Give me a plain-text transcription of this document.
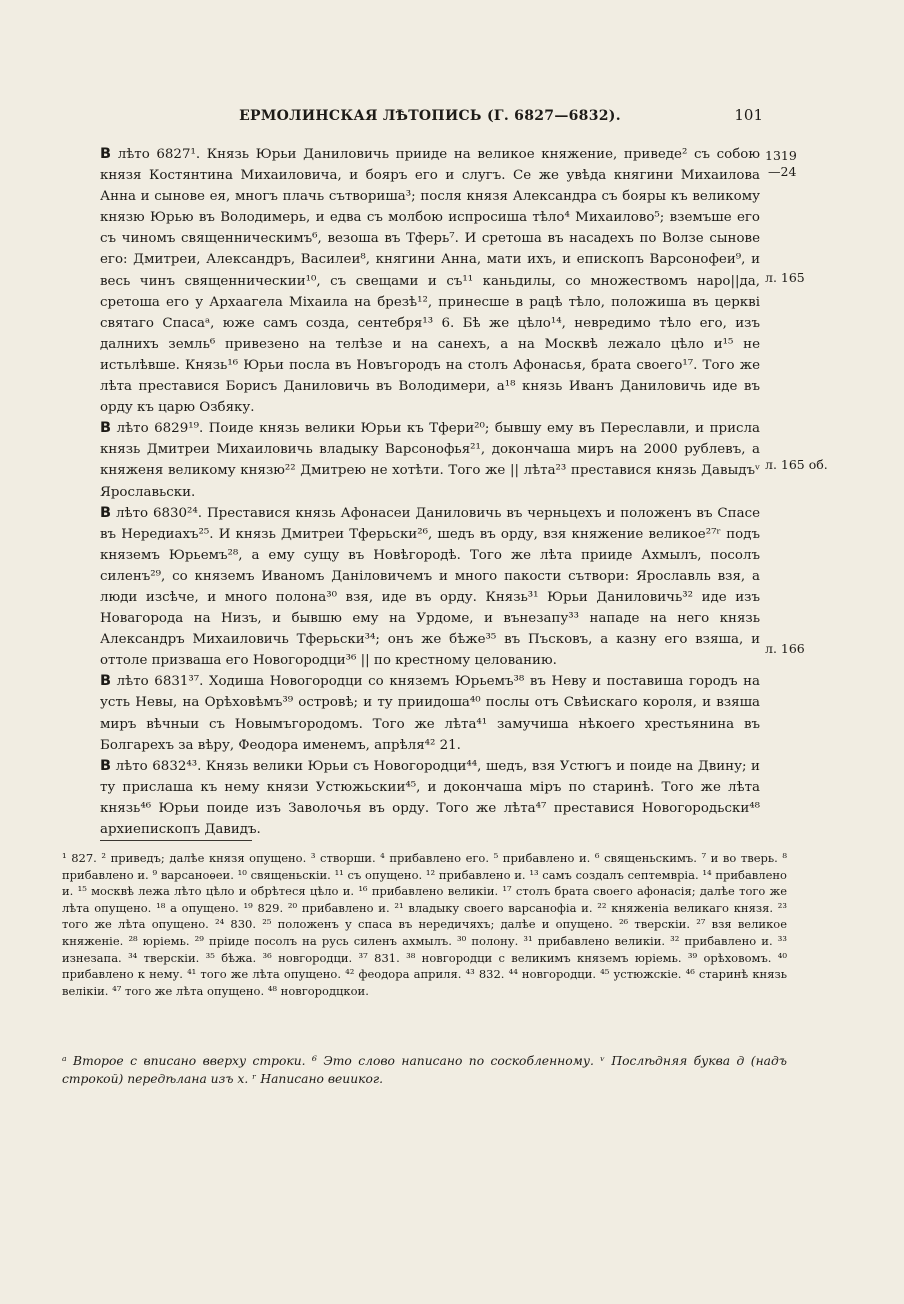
ЕРМОЛИНСКАЯ ЛѢТОПИСЬ (Г. 6827—6832).	101
1319
—24
л. 165
л. 165 об.
л. 166

В лѣто 6827¹. Князь Юрьи Даниловичь прииде на великое княжение, приведе² съ собою князя Костянтина Михаиловича, и бояръ его и слугъ. Се же увѣда княгини Михаилова Анна и сынове ея, многъ плачь сътвориша³; посля князя Александра съ бояры къ великому князю Юрью въ Володимерь, и едва съ молбою испросиша тѣло⁴ Михаилово⁵; вземъше его съ чиномъ священническимъ⁶, везоша въ Тферь⁷. И сретоша въ насадехъ по Волзе сынове его: Дмитреи, Александръ, Василеи⁸, княгини Анна, мати ихъ, и епископъ Варсонофеи⁹, и весь чинъ священническии¹⁰, съ свещами и съ¹¹ каньдилы, со множествомъ наро||да, сретоша его у Архаагела Міхаила на брезѣ¹², принесше в рацѣ тѣло, положиша въ церкві святаго Спасаᵃ, юже самъ созда, сентебря¹³ 6. Бѣ же цѣло¹⁴, невредимо тѣло его, изъ далнихъ земль⁶ привезено на телѣзе и на санехъ, а на Москвѣ лежало цѣло и¹⁵ не истьлѣвше. Князь¹⁶ Юрьи посла въ Новъгородъ на столъ Афонасья, брата своего¹⁷. Того же лѣта преставися Борисъ Даниловичь въ Володимери, а¹⁸ князь Иванъ Даниловичь иде въ орду къ царю Озбяку.

В лѣто 6829¹⁹. Поиде князь велики Юрьи къ Тфери²⁰; бывшу ему въ Переславли, и присла князь Дмитреи Михаиловичь владыку Варсонофья²¹, докончаша миръ на 2000 рублевъ, а княженя великому князю²² Дмитрею не хотѣти. Того же || лѣта²³ преставися князь Давыдъᵛ Ярославьски.

В лѣто 6830²⁴. Преставися князь Афонасеи Даниловичь въ черньцехъ и положенъ въ Спасе въ Нередиахъ²⁵. И князь Дмитреи Тферьски²⁶, шедъ въ орду, взя княжение великое²⁷ʳ подъ княземъ Юрьемъ²⁸, а ему сущу въ Новѣгородѣ. Того же лѣта прииде Ахмылъ, посолъ силенъ²⁹, со княземъ Иваномъ Даніловичемъ и много пакости сътвори: Ярославль взя, а люди изсѣче, и много полона³⁰ взя, иде въ орду. Князь³¹ Юрьи Даниловичь³² иде изъ Новагорода на Низъ, и бывшю ему на Урдоме, и вънезапу³³ нападе на него князь Александръ Михаиловичь Тферьски³⁴; онъ же бѣже³⁵ въ Пъсковъ, а казну его взяша, и оттоле призваша его Новогородци³⁶ || по крестному целованию.

В лѣто 6831³⁷. Ходиша Новогородци со княземъ Юрьемъ³⁸ въ Неву и поставиша городъ на усть Невы, на Орѣховѣмъ³⁹ островѣ; и ту приидоша⁴⁰ послы отъ Свѣискаго короля, и взяша миръ вѣчныи съ Новымъгородомъ. Того же лѣта⁴¹ замучиша нѣкоего хрестьянина въ Болгарехъ за вѣру, Феодора именемъ, апрѣля⁴² 21.

В лѣто 6832⁴³. Князь велики Юрьи съ Новогородци⁴⁴, шедъ, взя Устюгъ и поиде на Двину; и ту прислаша къ нему князи Устюжьскии⁴⁵, и докончаша міръ по старинѣ. Того же лѣта князь⁴⁶ Юрьи поиде изъ Заволочья въ орду. Того же лѣта⁴⁷ преставися Новогородьски⁴⁸ архиепископъ Давидъ.

¹ 827. ² приведъ; далѣе князя опущено. ³ створши. ⁴ прибавлено его. ⁵ прибавлено и. ⁶ священьскимъ. ⁷ и во тверь. ⁸ прибавлено и. ⁹ варсаноѳеи. ¹⁰ священьскіи. ¹¹ съ опущено. ¹² прибавлено и. ¹³ самъ создалъ септемвріа. ¹⁴ прибавлено и. ¹⁵ москвѣ лежа лѣто цѣло и обрѣтеся цѣло и. ¹⁶ прибавлено великіи. ¹⁷ столъ брата своего афонасія; далѣе того же лѣта опущено. ¹⁸ а опущено. ¹⁹ 829. ²⁰ прибавлено и. ²¹ владыку своего варсанофіа и. ²² княженіа великаго князя. ²³ того же лѣта опущено. ²⁴ 830. ²⁵ положенъ у спаса въ нередичяхъ; далѣе и опущено. ²⁶ тверскіи. ²⁷ взя великое княженіе. ²⁸ юріемь. ²⁹ пріиде посолъ на русь силенъ ахмылъ. ³⁰ полону. ³¹ прибавлено великіи. ³² прибавлено и. ³³ изнезапа. ³⁴ тверскіи. ³⁵ бѣжа. ³⁶ новгородци. ³⁷ 831. ³⁸ новгородци с великимъ княземъ юріемь. ³⁹ орѣховомъ. ⁴⁰ прибавлено к нему. ⁴¹ того же лѣта опущено. ⁴² феодора априля. ⁴³ 832. ⁴⁴ новгородци. ⁴⁵ устюжскіе. ⁴⁶ старинѣ князь велікіи. ⁴⁷ того же лѣта опущено. ⁴⁸ новгородцкои.
ᵃ Второе с вписано вверху строки. ⁶ Это слово написано по соскобленному. ᵛ Послѣдняя буква д (надъ строкой) передѣлана изъ х. ʳ Написано веииког.
